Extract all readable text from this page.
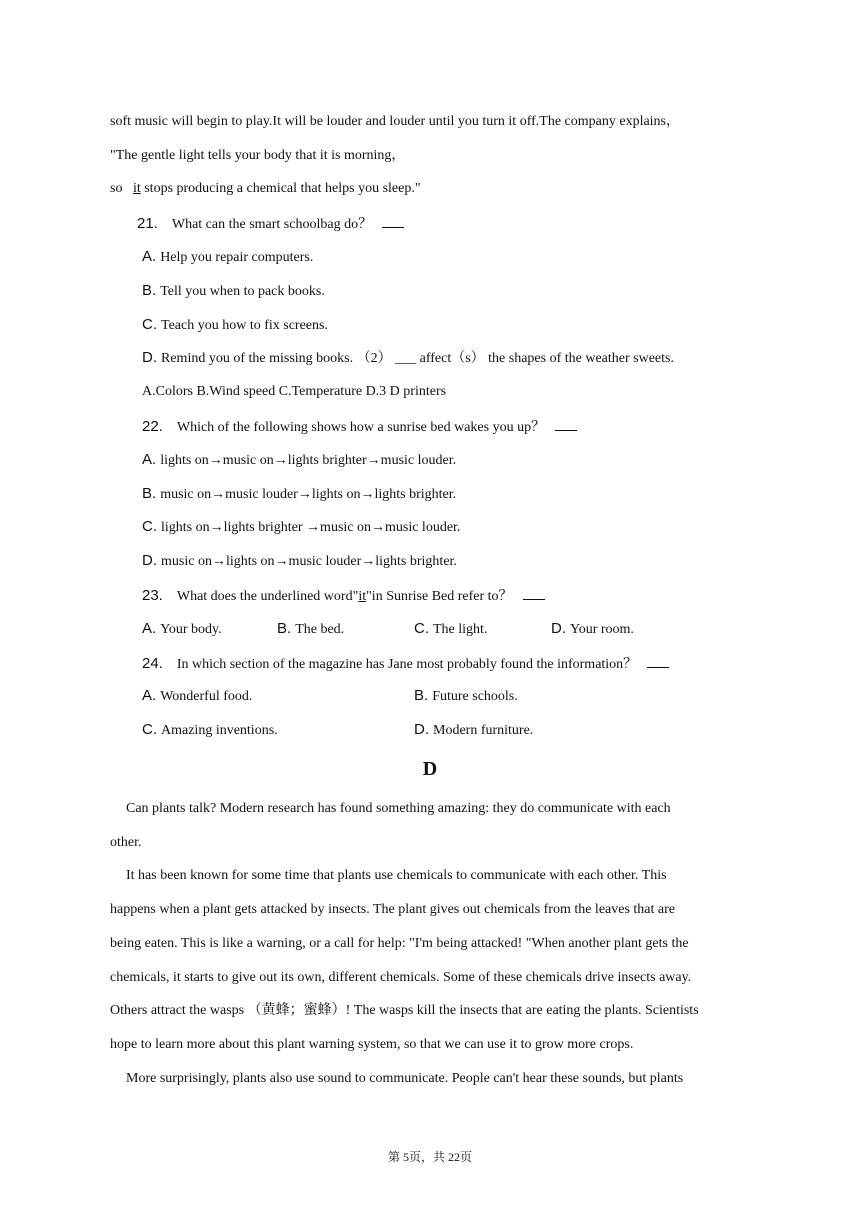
soft music will begin to play.It will be louder and louder until you turn it off.The company explains，
"The gentle light tells your body that it is morning，
so it stops producing a chemical that helps you sleep."
21. What can the smart schoolbag do？
A. Help you repair computers.
B. Tell you when to pack books.
C. Teach you how to fix screens.
D. Remind you of the missing books. （2） ___ affect（s） the shapes of the weather sweets.
A.Colors B.Wind speed C.Temperature D.3 D printers
22. Which of the following shows how a sunrise bed wakes you up？
A. lights on→music on→lights brighter→music louder.
B. music on→music louder→lights on→lights brighter.
C. lights on→lights brighter →music on→music louder.
D. music on→lights on→music louder→lights brighter.
23. What does the underlined word"it"in Sunrise Bed refer to？
A. Your body.	B. The bed.	C. The light.	D. Your room.
24. In which section of the magazine has Jane most probably found the information？
A. Wonderful food.	B. Future schools.
C. Amazing inventions.	D. Modern furniture.
D
Can plants talk? Modern research has found something amazing: they do communicate with each
other.
It has been known for some time that plants use chemicals to communicate with each other. This
happens when a plant gets attacked by insects. The plant gives out chemicals from the leaves that are
being eaten. This is like a warning, or a call for help: "I'm being attacked! "When another plant gets the
chemicals, it starts to give out its own, different chemicals. Some of these chemicals drive insects away.
Others attract the wasps （黄蜂；蜜蜂）! The wasps kill the insects that are eating the plants. Scientists
hope to learn more about this plant warning system, so that we can use it to grow more crops.
More surprisingly, plants also use sound to communicate. People can't hear these sounds, but plants
第 5页，共 22页
